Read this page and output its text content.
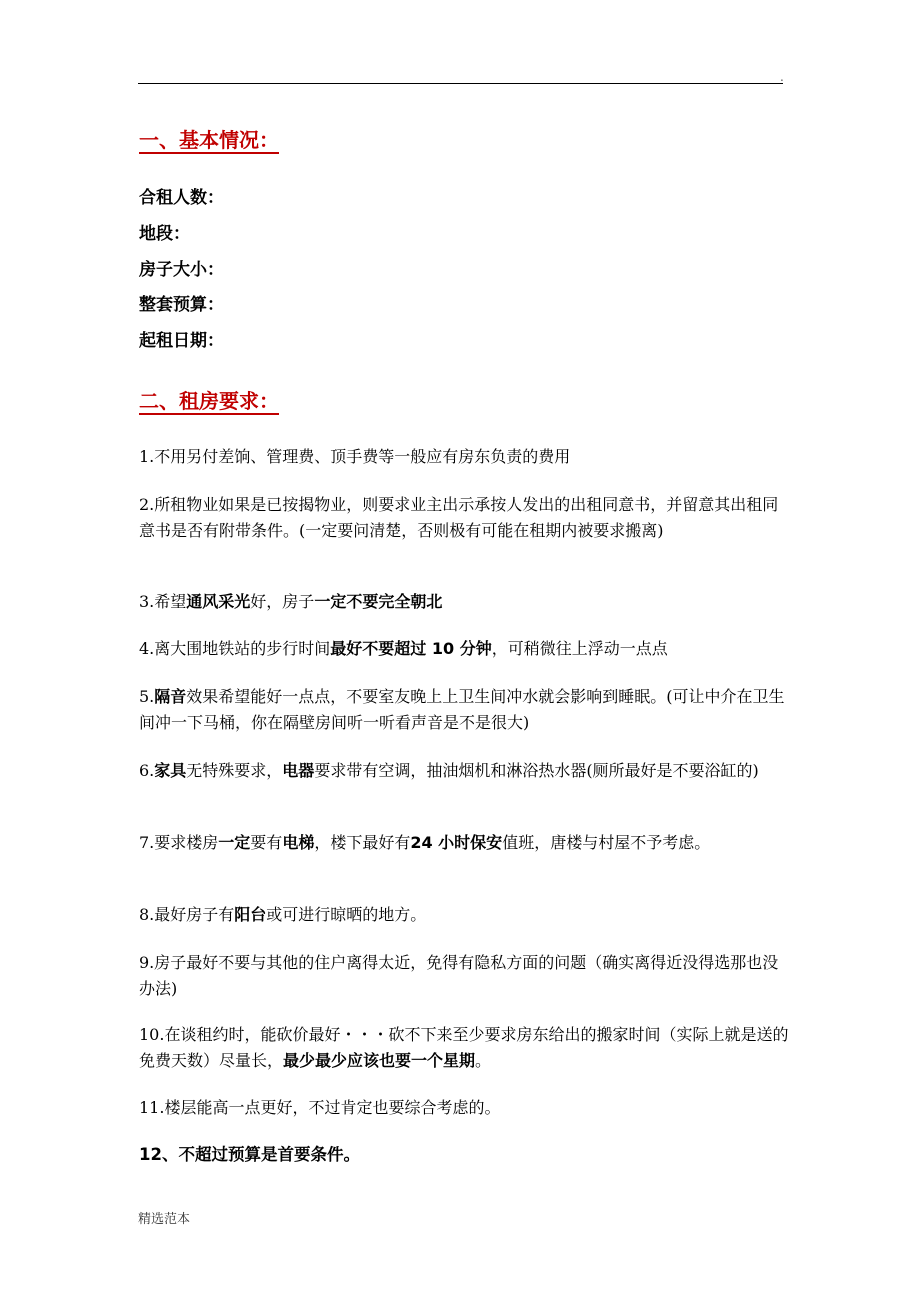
.
一、基本情况：
合租人数：
地段：
房子大小：
整套预算：
起租日期：
二、租房要求：
1.不用另付差饷、管理费、顶手费等一般应有房东负责的费用
2.所租物业如果是已按揭物业，则要求业主出示承按人发出的出租同意书，并留意其出租同意书是否有附带条件。(一定要问清楚，否则极有可能在租期内被要求搬离)
3.希望通风采光好，房子一定不要完全朝北
4.离大围地铁站的步行时间最好不要超过 10 分钟，可稍微往上浮动一点点
5.隔音效果希望能好一点点，不要室友晚上上卫生间冲水就会影响到睡眠。(可让中介在卫生间冲一下马桶，你在隔壁房间听一听看声音是不是很大)
6.家具无特殊要求，电器要求带有空调，抽油烟机和淋浴热水器(厕所最好是不要浴缸的)
7.要求楼房一定要有电梯，楼下最好有24 小时保安值班，唐楼与村屋不予考虑。
8.最好房子有阳台或可进行晾晒的地方。
9.房子最好不要与其他的住户离得太近，免得有隐私方面的问题（确实离得近没得选那也没办法)
10.在谈租约时，能砍价最好・・・砍不下来至少要求房东给出的搬家时间（实际上就是送的免费天数）尽量长，最少最少应该也要一个星期。
11.楼层能高一点更好，不过肯定也要综合考虑的。
12、不超过预算是首要条件。
精选范本
